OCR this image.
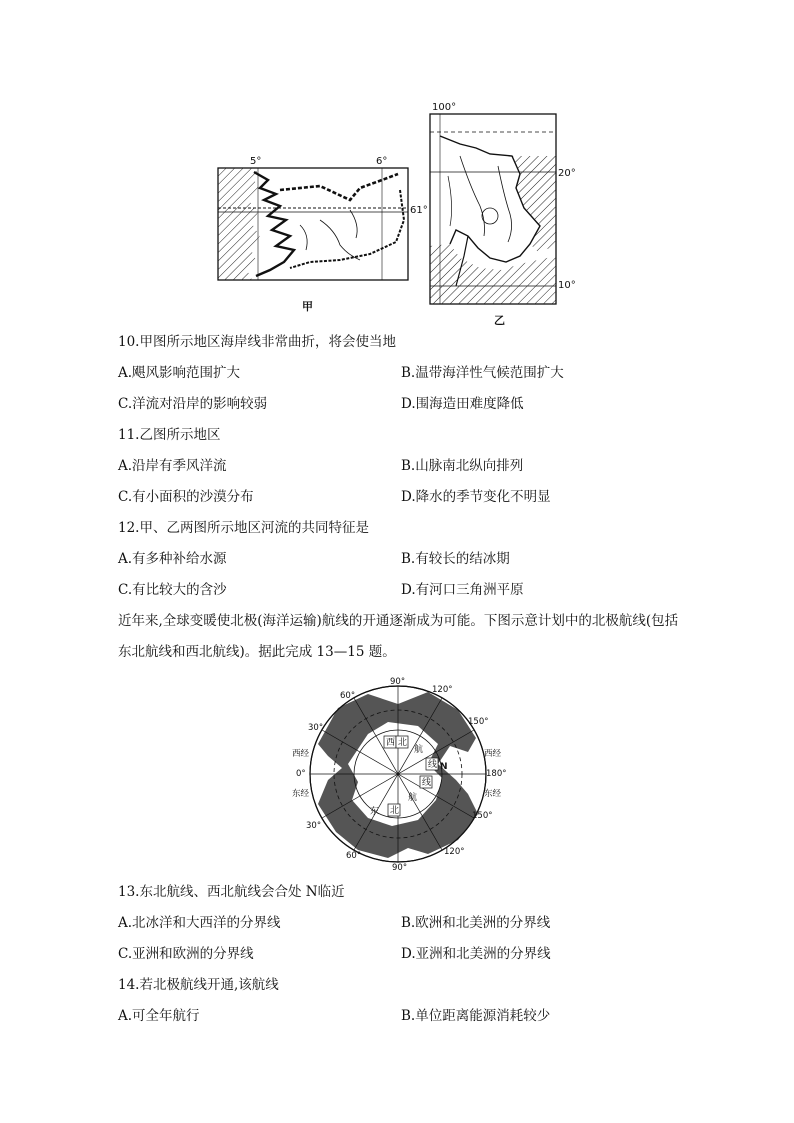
5°	6°
61°
甲
100°
20°
10°
乙
10.甲图所示地区海岸线非常曲折，将会使当地
A.飓风影响范围扩大	B.温带海洋性气候范围扩大
C.洋流对沿岸的影响较弱	D.围海造田难度降低
11.乙图所示地区
A.沿岸有季风洋流	B.山脉南北纵向排列
C.有小面积的沙漠分布	D.降水的季节变化不明显
12.甲、乙两图所示地区河流的共同特征是
A.有多种补给水源	B.有较长的结冰期
C.有比较大的含沙	D.有河口三角洲平原
近年来,全球变暖使北极(海洋运输)航线的开通逐渐成为可能。下图示意计划中的北极航线(包括东北航线和西北航线)。据此完成 13—15 题。
西 北
航
线 N
线
航
北
东
90°
120°
150°
180°
150°
120°
90°
60°
30°
0°
30°
60°
西经
东经
西经
东经
13.东北航线、西北航线会合处 N临近
A.北冰洋和大西洋的分界线	B.欧洲和北美洲的分界线
C.亚洲和欧洲的分界线	D.亚洲和北美洲的分界线
14.若北极航线开通,该航线
A.可全年航行	B.单位距离能源消耗较少
